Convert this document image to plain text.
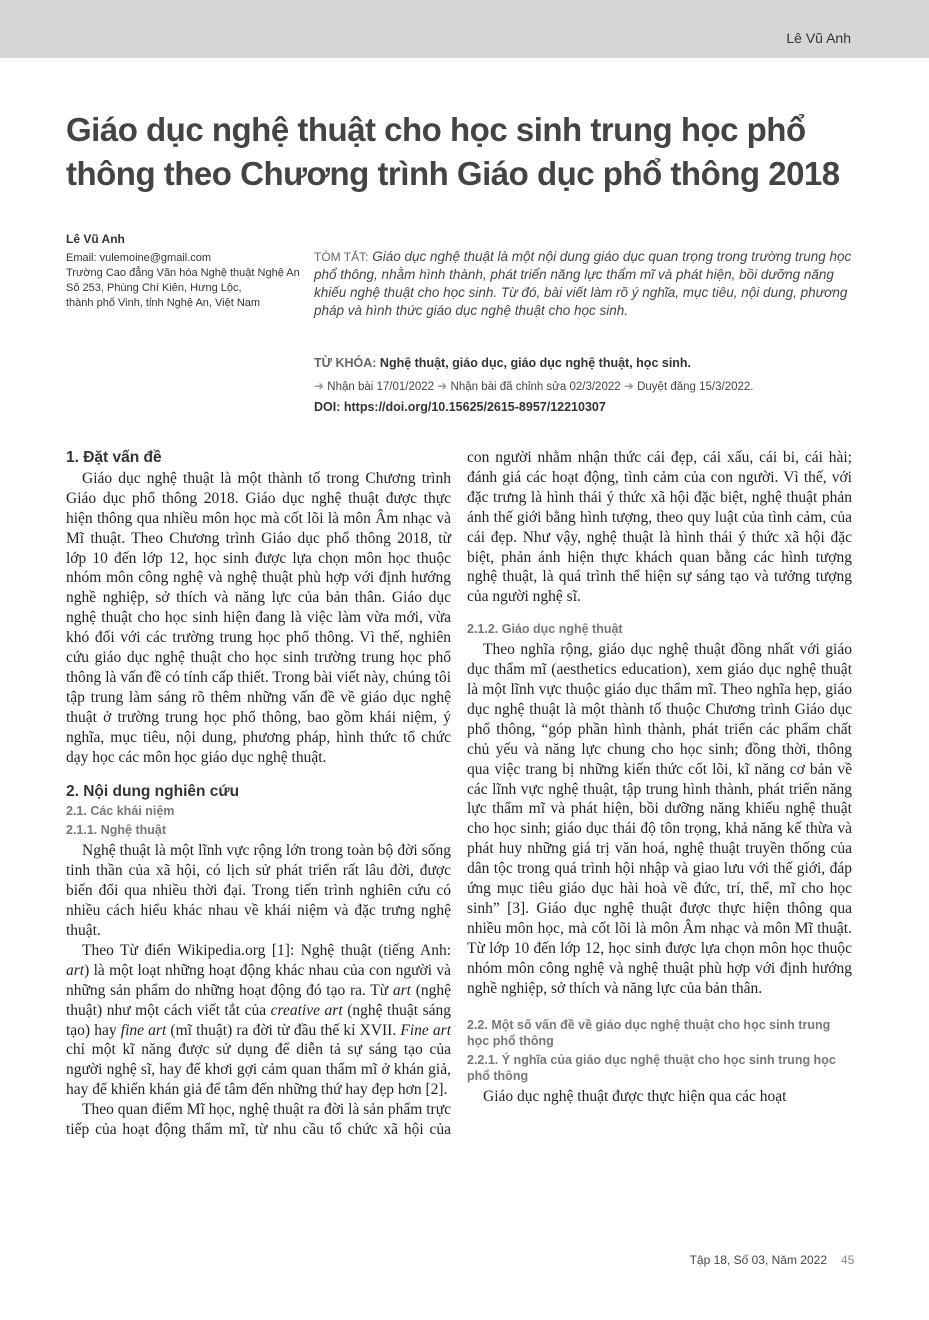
Lê Vũ Anh
Giáo dục nghệ thuật cho học sinh trung học phổ thông theo Chương trình Giáo dục phổ thông 2018
Lê Vũ Anh
Email: vulemoine@gmail.com
Trường Cao đẳng Văn hóa Nghệ thuật Nghệ An
Số 253, Phùng Chí Kiên, Hưng Lộc,
thành phố Vinh, tỉnh Nghệ An, Việt Nam
TÓM TẮT: Giáo dục nghệ thuật là một nội dung giáo dục quan trọng trong trường trung học phổ thông, nhằm hình thành, phát triển năng lực thẩm mĩ và phát hiện, bồi dưỡng năng khiếu nghệ thuật cho học sinh. Từ đó, bài viết làm rõ ý nghĩa, mục tiêu, nội dung, phương pháp và hình thức giáo dục nghệ thuật cho học sinh.
TỪ KHÓA: Nghệ thuật, giáo dục, giáo dục nghệ thuật, học sinh.
➜ Nhận bài 17/01/2022 ➜ Nhận bài đã chỉnh sửa 02/3/2022 ➜ Duyệt đăng 15/3/2022.
DOI: https://doi.org/10.15625/2615-8957/12210307
1. Đặt vấn đề

Giáo dục nghệ thuật là một thành tố trong Chương trình Giáo dục phổ thông 2018. Giáo dục nghệ thuật được thực hiện thông qua nhiều môn học mà cốt lõi là môn Âm nhạc và Mĩ thuật. Theo Chương trình Giáo dục phổ thông 2018, từ lớp 10 đến lớp 12, học sinh được lựa chọn môn học thuộc nhóm môn công nghệ và nghệ thuật phù hợp với định hướng nghề nghiệp, sở thích và năng lực của bản thân. Giáo dục nghệ thuật cho học sinh hiện đang là việc làm vừa mới, vừa khó đối với các trường trung học phổ thông. Vì thế, nghiên cứu giáo dục nghệ thuật cho học sinh trường trung học phổ thông là vấn đề có tính cấp thiết. Trong bài viết này, chúng tôi tập trung làm sáng rõ thêm những vấn đề về giáo dục nghệ thuật ở trường trung học phổ thông, bao gồm khái niệm, ý nghĩa, mục tiêu, nội dung, phương pháp, hình thức tổ chức dạy học các môn học giáo dục nghệ thuật.

2. Nội dung nghiên cứu
2.1. Các khái niệm
2.1.1. Nghệ thuật

Nghệ thuật là một lĩnh vực rộng lớn trong toàn bộ đời sống tinh thần của xã hội, có lịch sử phát triển rất lâu đời, được biến đổi qua nhiều thời đại. Trong tiến trình nghiên cứu có nhiều cách hiểu khác nhau về khái niệm và đặc trưng nghệ thuật.

Theo Từ điển Wikipedia.org [1]: Nghệ thuật (tiếng Anh: art) là một loạt những hoạt động khác nhau của con người và những sản phẩm do những hoạt động đó tạo ra. Từ art (nghệ thuật) như một cách viết tắt của creative art (nghệ thuật sáng tạo) hay fine art (mĩ thuật) ra đời từ đầu thế kỉ XVII. Fine art chỉ một kĩ năng được sử dụng để diễn tả sự sáng tạo của người nghệ sĩ, hay để khơi gợi cảm quan thẩm mĩ ở khán giả, hay để khiến khán giả để tâm đến những thứ hay đẹp hơn [2].

Theo quan điểm Mĩ học, nghệ thuật ra đời là sản phẩm trực tiếp của hoạt động thẩm mĩ, từ nhu cầu tổ chức xã hội của

con người nhằm nhận thức cái đẹp, cái xấu, cái bi, cái hài; đánh giá các hoạt động, tình cảm của con người. Vì thế, với đặc trưng là hình thái ý thức xã hội đặc biệt, nghệ thuật phản ánh thế giới bằng hình tượng, theo quy luật của tình cảm, của cái đẹp. Như vậy, nghệ thuật là hình thái ý thức xã hội đặc biệt, phản ánh hiện thực khách quan bằng các hình tượng nghệ thuật, là quá trình thể hiện sự sáng tạo và tưởng tượng của người nghệ sĩ.

2.1.2. Giáo dục nghệ thuật

Theo nghĩa rộng, giáo dục nghệ thuật đồng nhất với giáo dục thẩm mĩ (aesthetics education), xem giáo dục nghệ thuật là một lĩnh vực thuộc giáo dục thẩm mĩ. Theo nghĩa hẹp, giáo dục nghệ thuật là một thành tố thuộc Chương trình Giáo dục phổ thông, “góp phần hình thành, phát triển các phẩm chất chủ yếu và năng lực chung cho học sinh; đồng thời, thông qua việc trang bị những kiến thức cốt lõi, kĩ năng cơ bản về các lĩnh vực nghệ thuật, tập trung hình thành, phát triển năng lực thẩm mĩ và phát hiện, bồi dưỡng năng khiếu nghệ thuật cho học sinh; giáo dục thái độ tôn trọng, khả năng kế thừa và phát huy những giá trị văn hoá, nghệ thuật truyền thống của dân tộc trong quá trình hội nhập và giao lưu với thế giới, đáp ứng mục tiêu giáo dục hài hoà về đức, trí, thể, mĩ cho học sinh” [3]. Giáo dục nghệ thuật được thực hiện thông qua nhiều môn học, mà cốt lõi là môn Âm nhạc và môn Mĩ thuật. Từ lớp 10 đến lớp 12, học sinh được lựa chọn môn học thuộc nhóm môn công nghệ và nghệ thuật phù hợp với định hướng nghề nghiệp, sở thích và năng lực của bản thân.

2.2. Một số vấn đề về giáo dục nghệ thuật cho học sinh trung học phổ thông
2.2.1. Ý nghĩa của giáo dục nghệ thuật cho học sinh trung học phổ thông

Giáo dục nghệ thuật được thực hiện qua các hoạt

Tập 18, Số 03, Năm 2022 45
